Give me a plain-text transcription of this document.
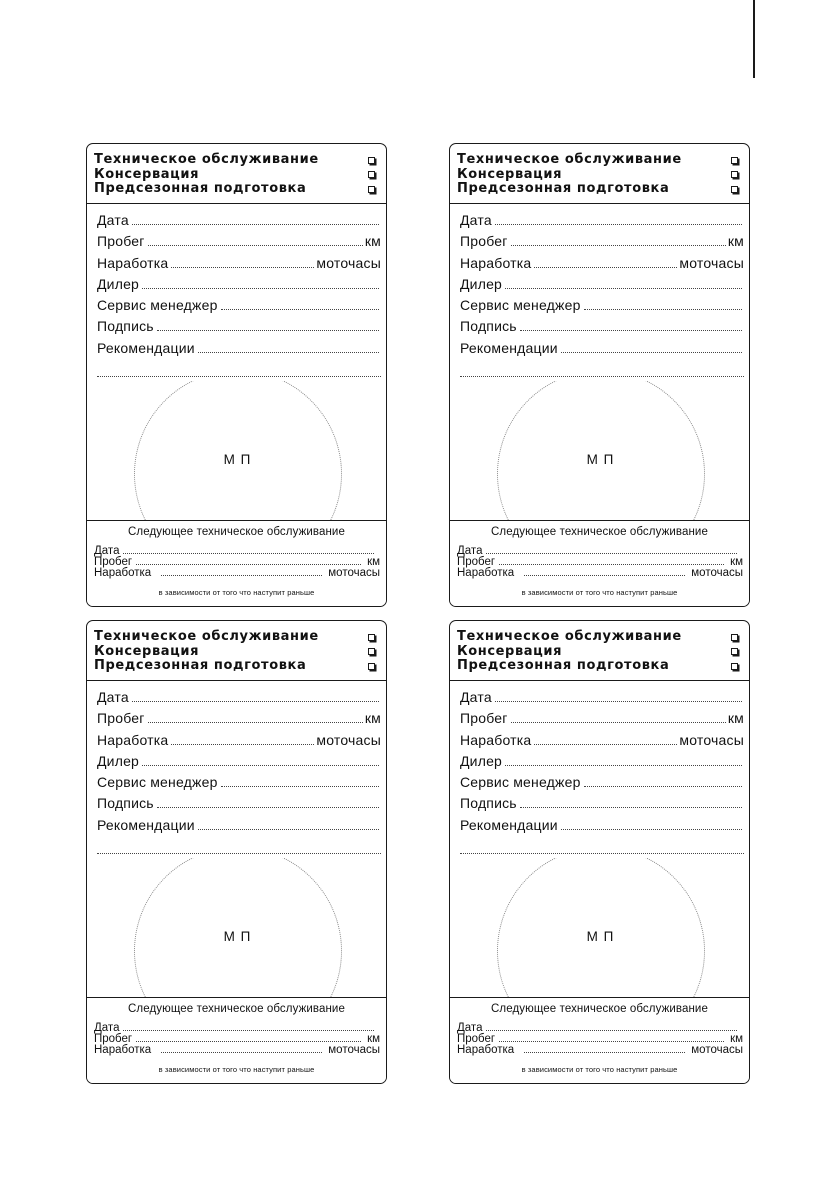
Техническое обслуживание
Консервация
Предсезонная подготовка
Дата
Пробег	км
Наработка	моточасы
Дилер
Сервис менеджер
Подпись
Рекомендации
М П
Следующее техническое обслуживание
Дата
Пробег	км
Наработка	моточасы
в зависимости от того что наступит раньше
Техническое обслуживание
Консервация
Предсезонная подготовка
Дата
Пробег	км
Наработка	моточасы
Дилер
Сервис менеджер
Подпись
Рекомендации
М П
Следующее техническое обслуживание
Дата
Пробег	км
Наработка	моточасы
в зависимости от того что наступит раньше
Техническое обслуживание
Консервация
Предсезонная подготовка
Дата
Пробег	км
Наработка	моточасы
Дилер
Сервис менеджер
Подпись
Рекомендации
М П
Следующее техническое обслуживание
Дата
Пробег	км
Наработка	моточасы
в зависимости от того что наступит раньше
Техническое обслуживание
Консервация
Предсезонная подготовка
Дата
Пробег	км
Наработка	моточасы
Дилер
Сервис менеджер
Подпись
Рекомендации
М П
Следующее техническое обслуживание
Дата
Пробег	км
Наработка	моточасы
в зависимости от того что наступит раньше
